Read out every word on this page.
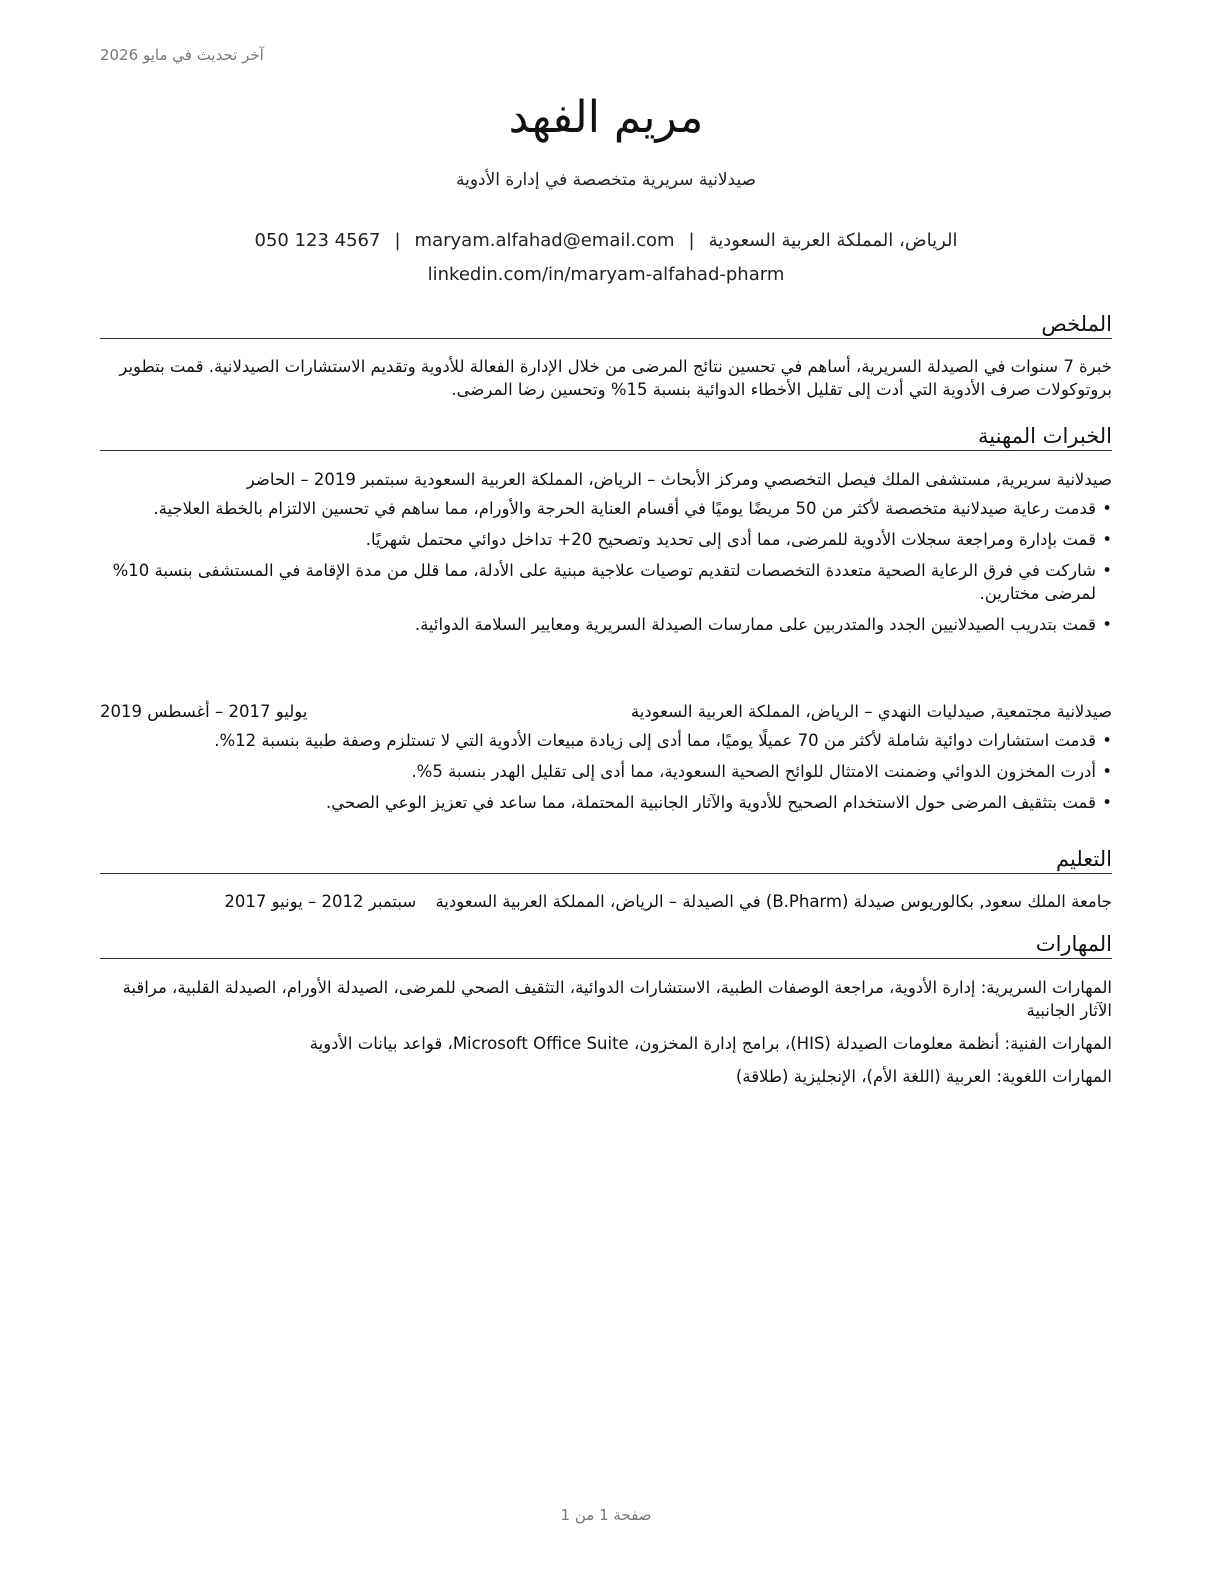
آخر تحديث في مايو 2026
مريم الفهد
صيدلانية سريرية متخصصة في إدارة الأدوية
الرياض، المملكة العربية السعودية|maryam.alfahad@email.com|050 123 4567
linkedin.com/in/maryam-alfahad-pharm
الملخص
خبرة 7 سنوات في الصيدلة السريرية، أساهم في تحسين نتائج المرضى من خلال الإدارة الفعالة للأدوية وتقديم الاستشارات الصيدلانية. قمت بتطوير بروتوكولات صرف الأدوية التي أدت إلى تقليل الأخطاء الدوائية بنسبة 15% وتحسين رضا المرضى.
الخبرات المهنية
صيدلانية سريرية, مستشفى الملك فيصل التخصصي ومركز الأبحاث – الرياض، المملكة العربية السعودية سبتمبر 2019 – الحاضر
• قدمت رعاية صيدلانية متخصصة لأكثر من 50 مريضًا يوميًا في أقسام العناية الحرجة والأورام، مما ساهم في تحسين الالتزام بالخطة العلاجية.
• قمت بإدارة ومراجعة سجلات الأدوية للمرضى، مما أدى إلى تحديد وتصحيح 20+ تداخل دوائي محتمل شهريًا.
• شاركت في فرق الرعاية الصحية متعددة التخصصات لتقديم توصيات علاجية مبنية على الأدلة، مما قلل من مدة الإقامة في المستشفى بنسبة 10% لمرضى مختارين.
• قمت بتدريب الصيدلانيين الجدد والمتدربين على ممارسات الصيدلة السريرية ومعايير السلامة الدوائية.
صيدلانية مجتمعية, صيدليات النهدي – الرياض، المملكة العربية السعودية
يوليو 2017 – أغسطس 2019
• قدمت استشارات دوائية شاملة لأكثر من 70 عميلًا يوميًا، مما أدى إلى زيادة مبيعات الأدوية التي لا تستلزم وصفة طبية بنسبة 12%.
• أدرت المخزون الدوائي وضمنت الامتثال للوائح الصحية السعودية، مما أدى إلى تقليل الهدر بنسبة 5%.
• قمت بتثقيف المرضى حول الاستخدام الصحيح للأدوية والآثار الجانبية المحتملة، مما ساعد في تعزيز الوعي الصحي.
التعليم
جامعة الملك سعود, بكالوريوس صيدلة (B.Pharm) في الصيدلة – الرياض، المملكة العربية السعودية سبتمبر 2012 – يونيو 2017
المهارات
المهارات السريرية: إدارة الأدوية، مراجعة الوصفات الطبية، الاستشارات الدوائية، التثقيف الصحي للمرضى، الصيدلة الأورام، الصيدلة القلبية، مراقبة الآثار الجانبية
المهارات الفنية: أنظمة معلومات الصيدلة (HIS)، برامج إدارة المخزون، Microsoft Office Suite، قواعد بيانات الأدوية
المهارات اللغوية: العربية (اللغة الأم)، الإنجليزية (طلاقة)
صفحة 1 من 1
